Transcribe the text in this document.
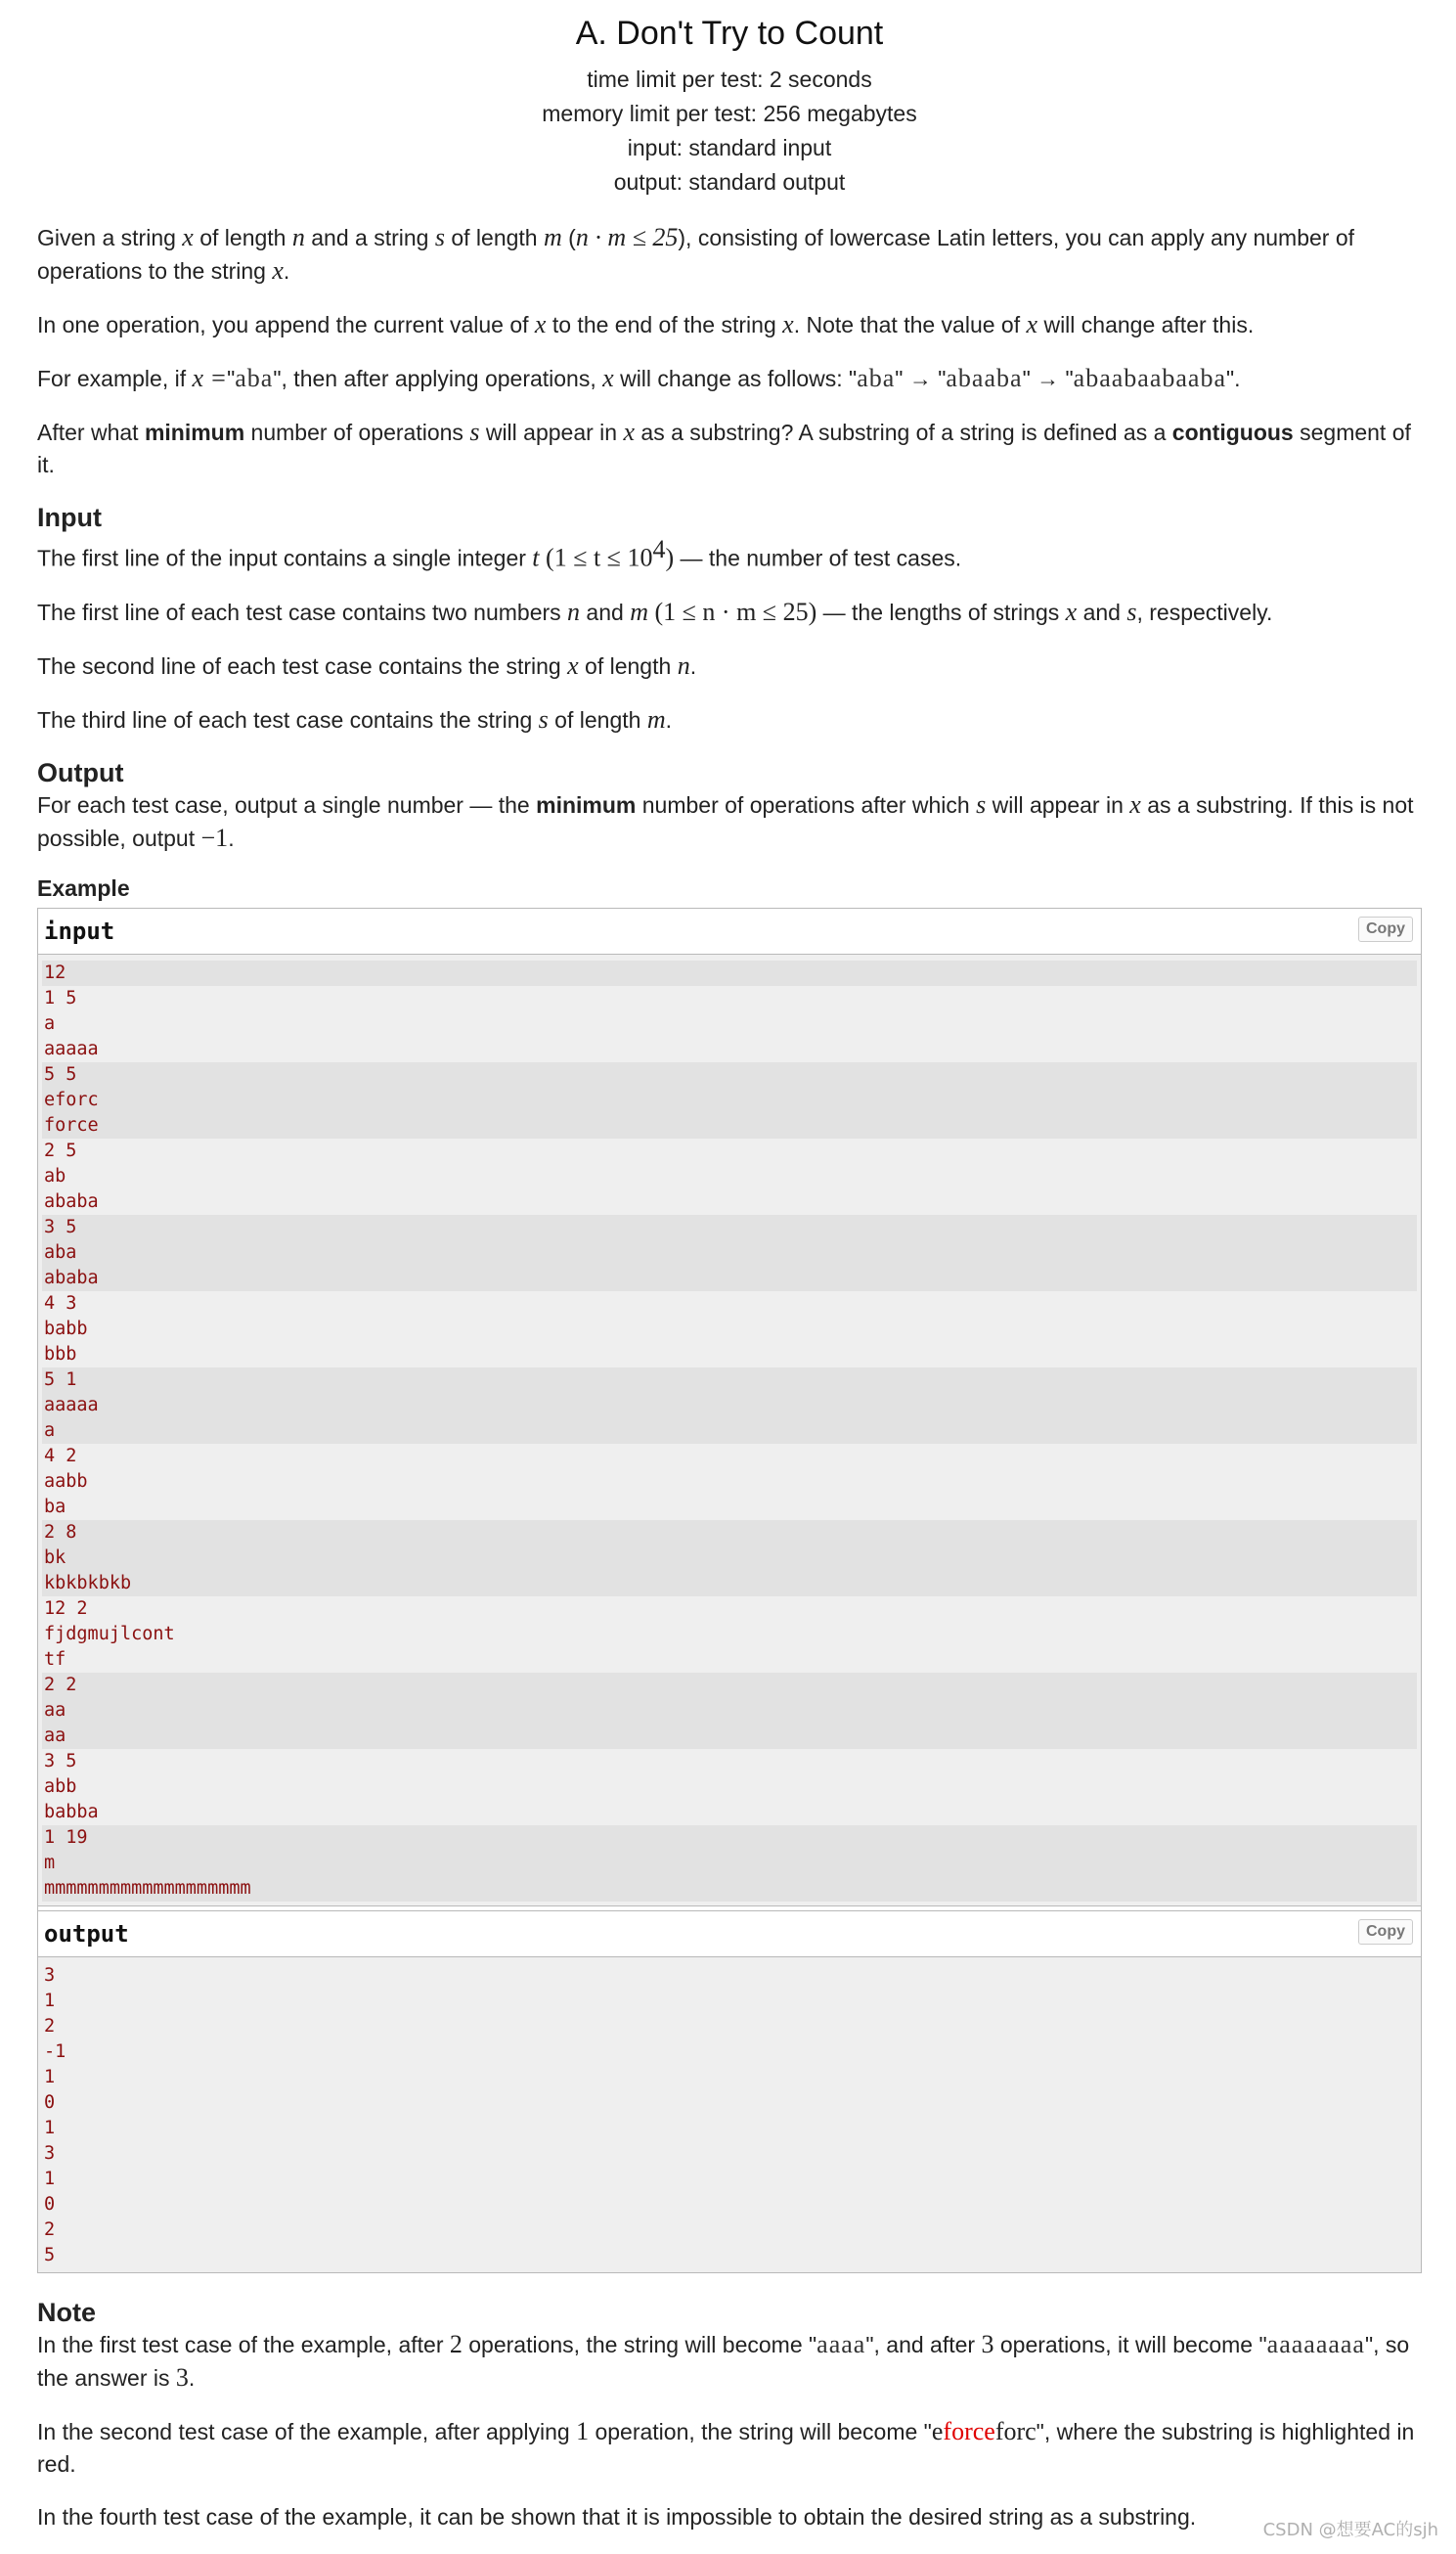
A. Don't Try to Count
time limit per test: 2 seconds
memory limit per test: 256 megabytes
input: standard input
output: standard output

Given a string x of length n and a string s of length m (n · m ≤ 25), consisting of lowercase Latin letters, you can apply any number of operations to the string x.

In one operation, you append the current value of x to the end of the string x. Note that the value of x will change after this.

For example, if x ="aba", then after applying operations, x will change as follows: "aba" → "abaaba" → "abaabaabaaba".

After what minimum number of operations s will appear in x as a substring? A substring of a string is defined as a contiguous segment of it.

Input

The first line of the input contains a single integer t $(1 \le t \le 10^4)$ — the number of test cases.

The first line of each test case contains two numbers n and m (1 ≤ n · m ≤ 25) — the lengths of strings x and s, respectively.

The second line of each test case contains the string x of length n.

The third line of each test case contains the string s of length m.

Output

For each test case, output a single number — the minimum number of operations after which s will appear in x as a substring. If this is not possible, output −1.

Example
input	Copy
12
1 5
a
aaaaa
5 5
eforc
force
2 5
ab
ababa
3 5
aba
ababa
4 3
babb
bbb
5 1
aaaaa
a
4 2
aabb
ba
2 8
bk
kbkbkbkb
12 2
fjdgmujlcont
tf
2 2
aa
aa
3 5
abb
babba
1 19
m
mmmmmmmmmmmmmmmmmmm
output	Copy
3
1
2
-1
1
0
1
3
1
0
2
5
Note

In the first test case of the example, after 2 operations, the string will become "aaaa", and after 3 operations, it will become "aaaaaaaa", so the answer is 3.

In the second test case of the example, after applying 1 operation, the string will become "eforceforc", where the substring is highlighted in red.

In the fourth test case of the example, it can be shown that it is impossible to obtain the desired string as a substring.

CSDN @想要AC的sjh
